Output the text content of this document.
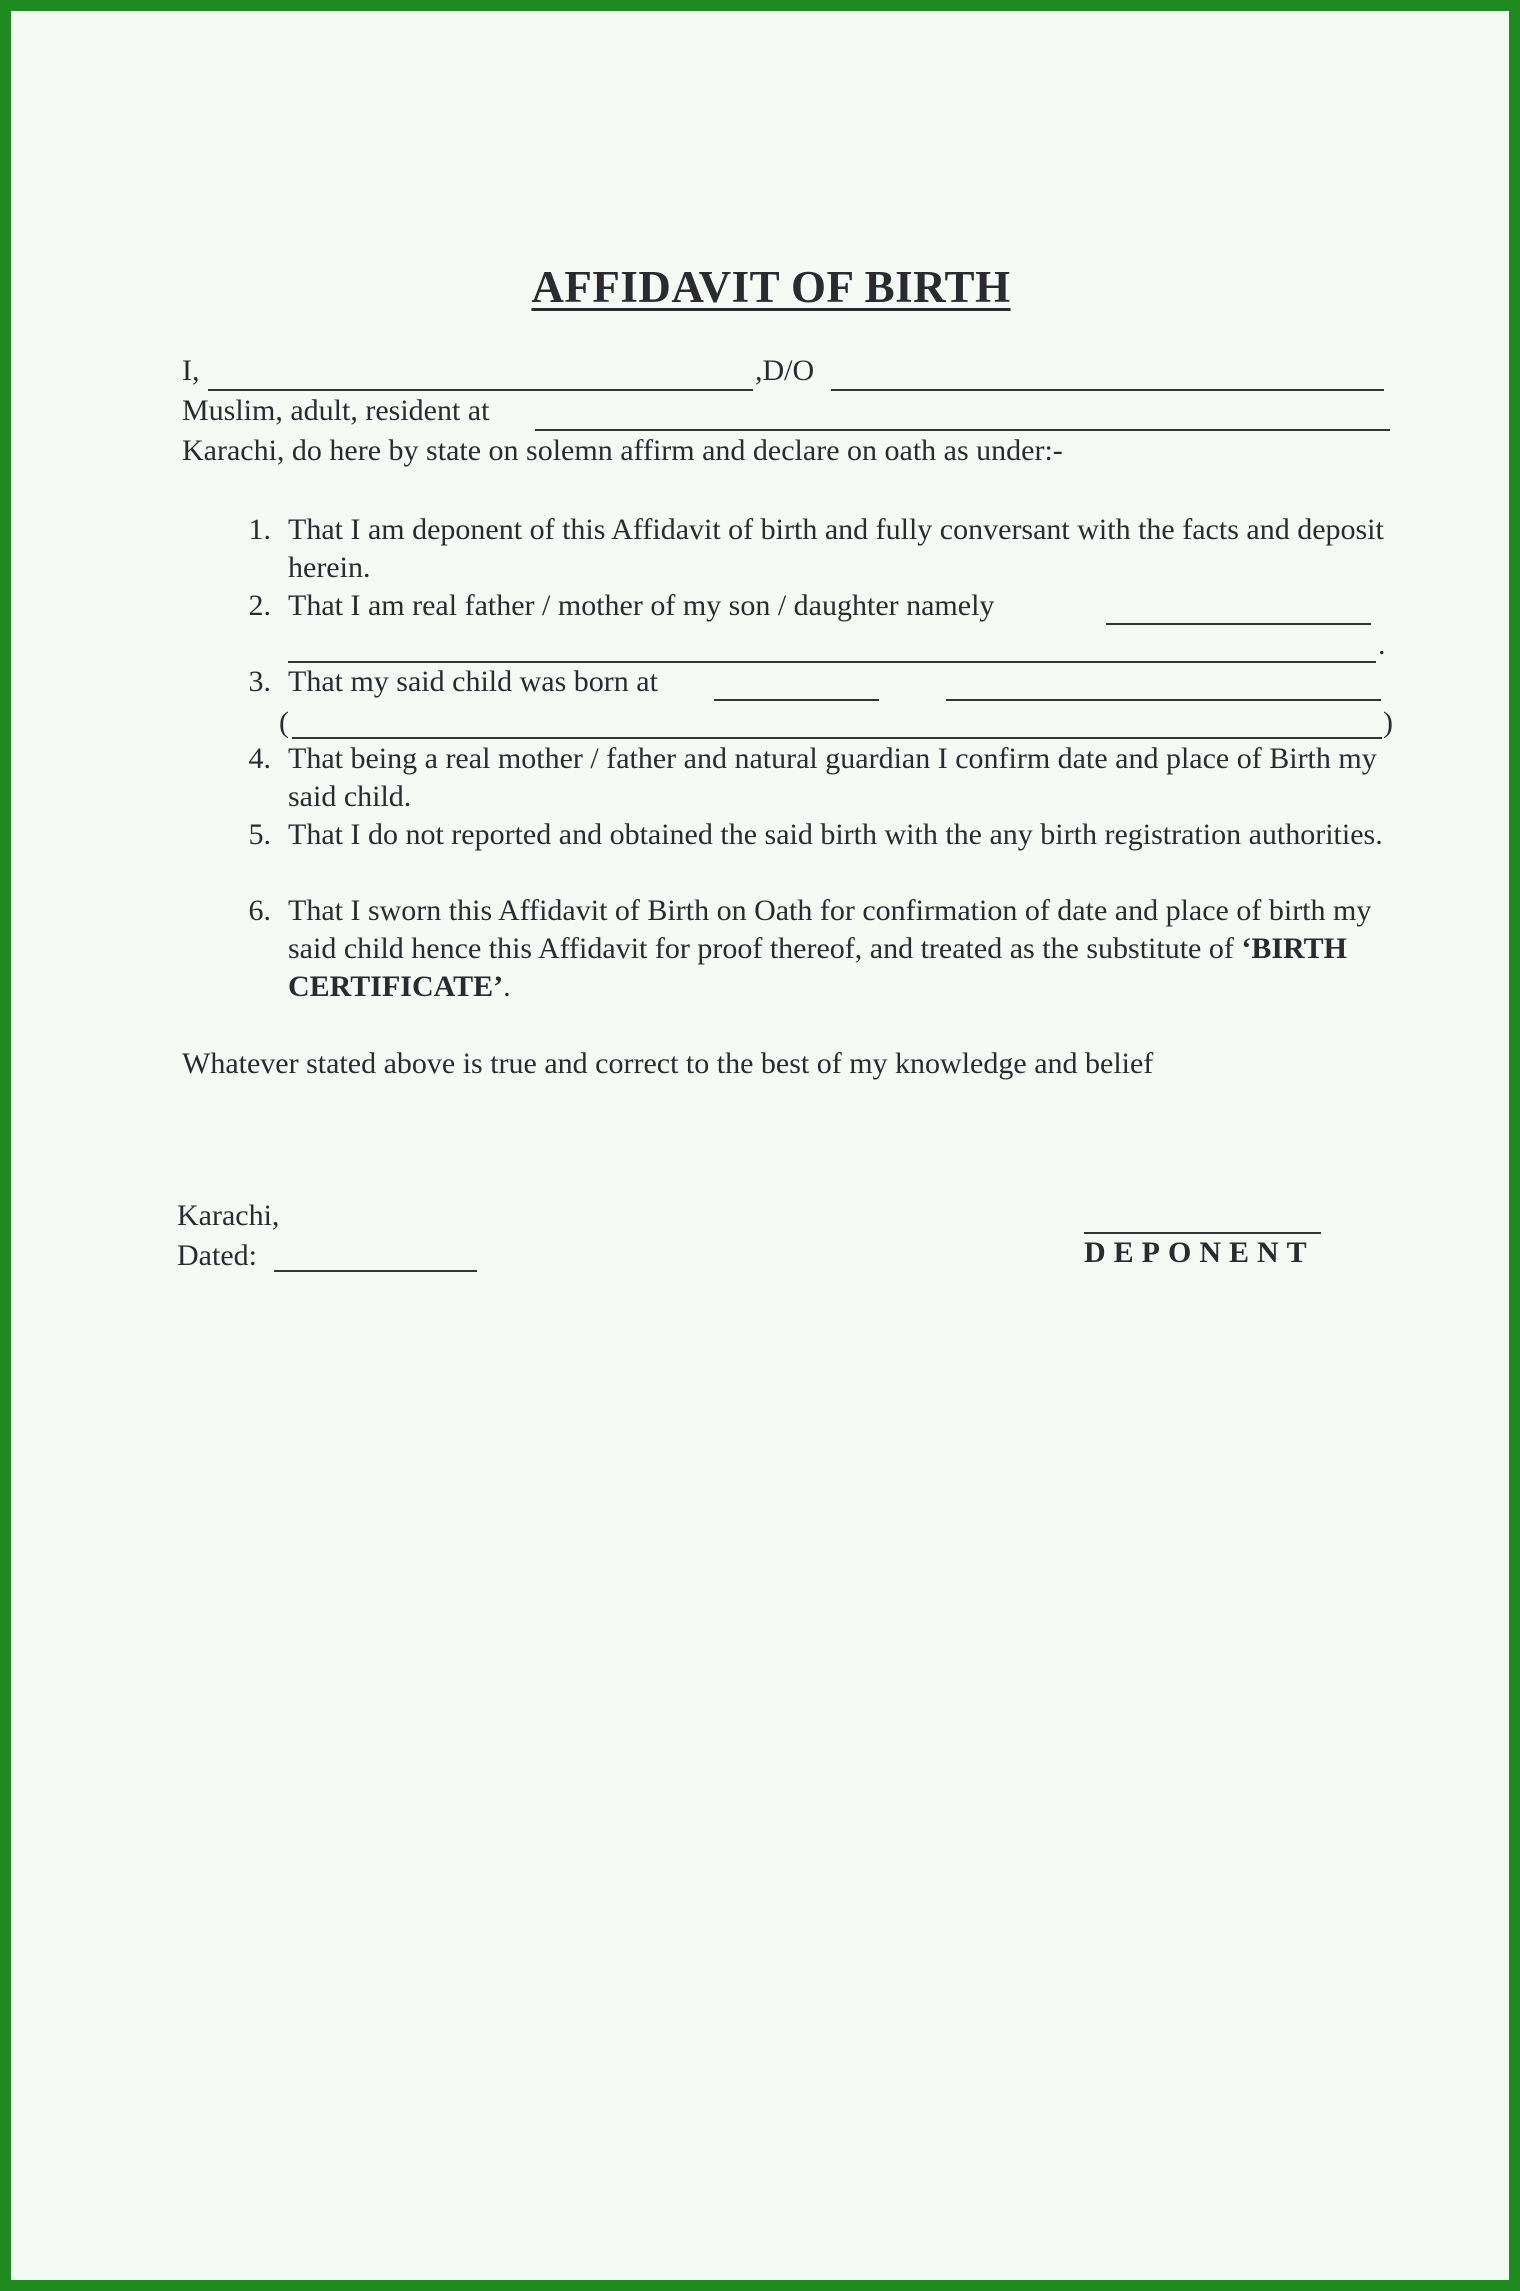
AFFIDAVIT OF BIRTH
I,	,D/O
Muslim, adult, resident at
Karachi, do here by state on solemn affirm and declare on oath as under:-
1. That I am deponent of this Affidavit of birth and fully conversant with the facts and deposit herein.
2. That I am real father / mother of my son / daughter namely
.
3. That my said child was born at
(	)
4. That being a real mother / father and natural guardian I confirm date and place of Birth my said child.
5. That I do not reported and obtained the said birth with the any birth registration authorities.
6. That I sworn this Affidavit of Birth on Oath for confirmation of date and place of birth my said child hence this Affidavit for proof thereof, and treated as the substitute of ‘BIRTH CERTIFICATE’.
Whatever stated above is true and correct to the best of my knowledge and belief
Karachi,
Dated:	DEPONENT
